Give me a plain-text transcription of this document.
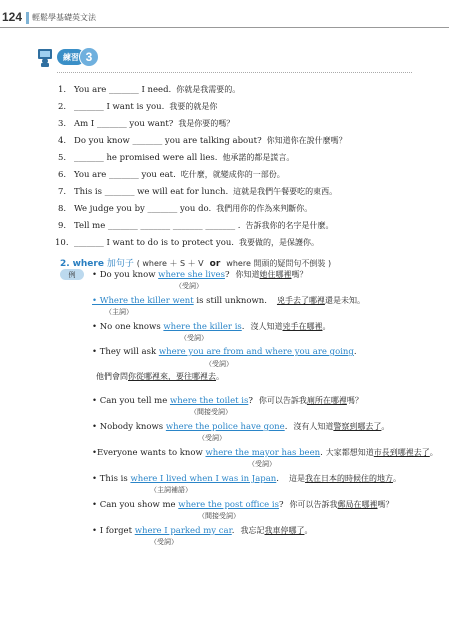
124 輕鬆學基礎英文法
練習 3
1. You are _______ I need. 你就是我需要的。
2. _______ I want is you. 我要的就是你
3. Am I _______ you want? 我是你要的嗎？
4. Do you know _______ you are talking about? 你知道你在說什麼嗎？
5. _______ he promised were all lies. 他承諾的都是謊言。
6. You are _______ you eat. 吃什麼，就變成你的一部份。
7. This is _______ we will eat for lunch. 這就是我們午餐要吃的東西。
8. We judge you by _______ you do. 我們用你的作為來判斷你。
9. Tell me _______ _______ _______ _______ . 告訴我你的名字是什麼。
10. _______ I want to do is to protect you. 我要做的，是保護你。
2. where 加句子 ( where ＋ S ＋ V or where 開頭的疑問句不倒裝 )
例	• Do you know where she lives? 你知道她住哪裡嗎？
（受詞）
• Where the killer went is still unknown. 兇手去了哪裡還是未知。
（主詞）
• No one knows where the killer is. 沒人知道兇手在哪裡。
（受詞）
• They will ask where you are from and where you are going.
（受詞）
他們會問你從哪裡來，要往哪裡去。
• Can you tell me where the toilet is? 你可以告訴我廁所在哪裡嗎？
（間接受詞）
• Nobody knows where the police have gone. 沒有人知道警察到哪去了。
（受詞）
•Everyone wants to know where the mayor has been. 大家都想知道市長到哪裡去了。
（受詞）
• This is where I lived when I was in Japan. 這是我在日本的時候住的地方。
（主詞補語）
• Can you show me where the post office is? 你可以告訴我郵局在哪裡嗎？
（間接受詞）
• I forget where I parked my car. 我忘記我車停哪了。
（受詞）
